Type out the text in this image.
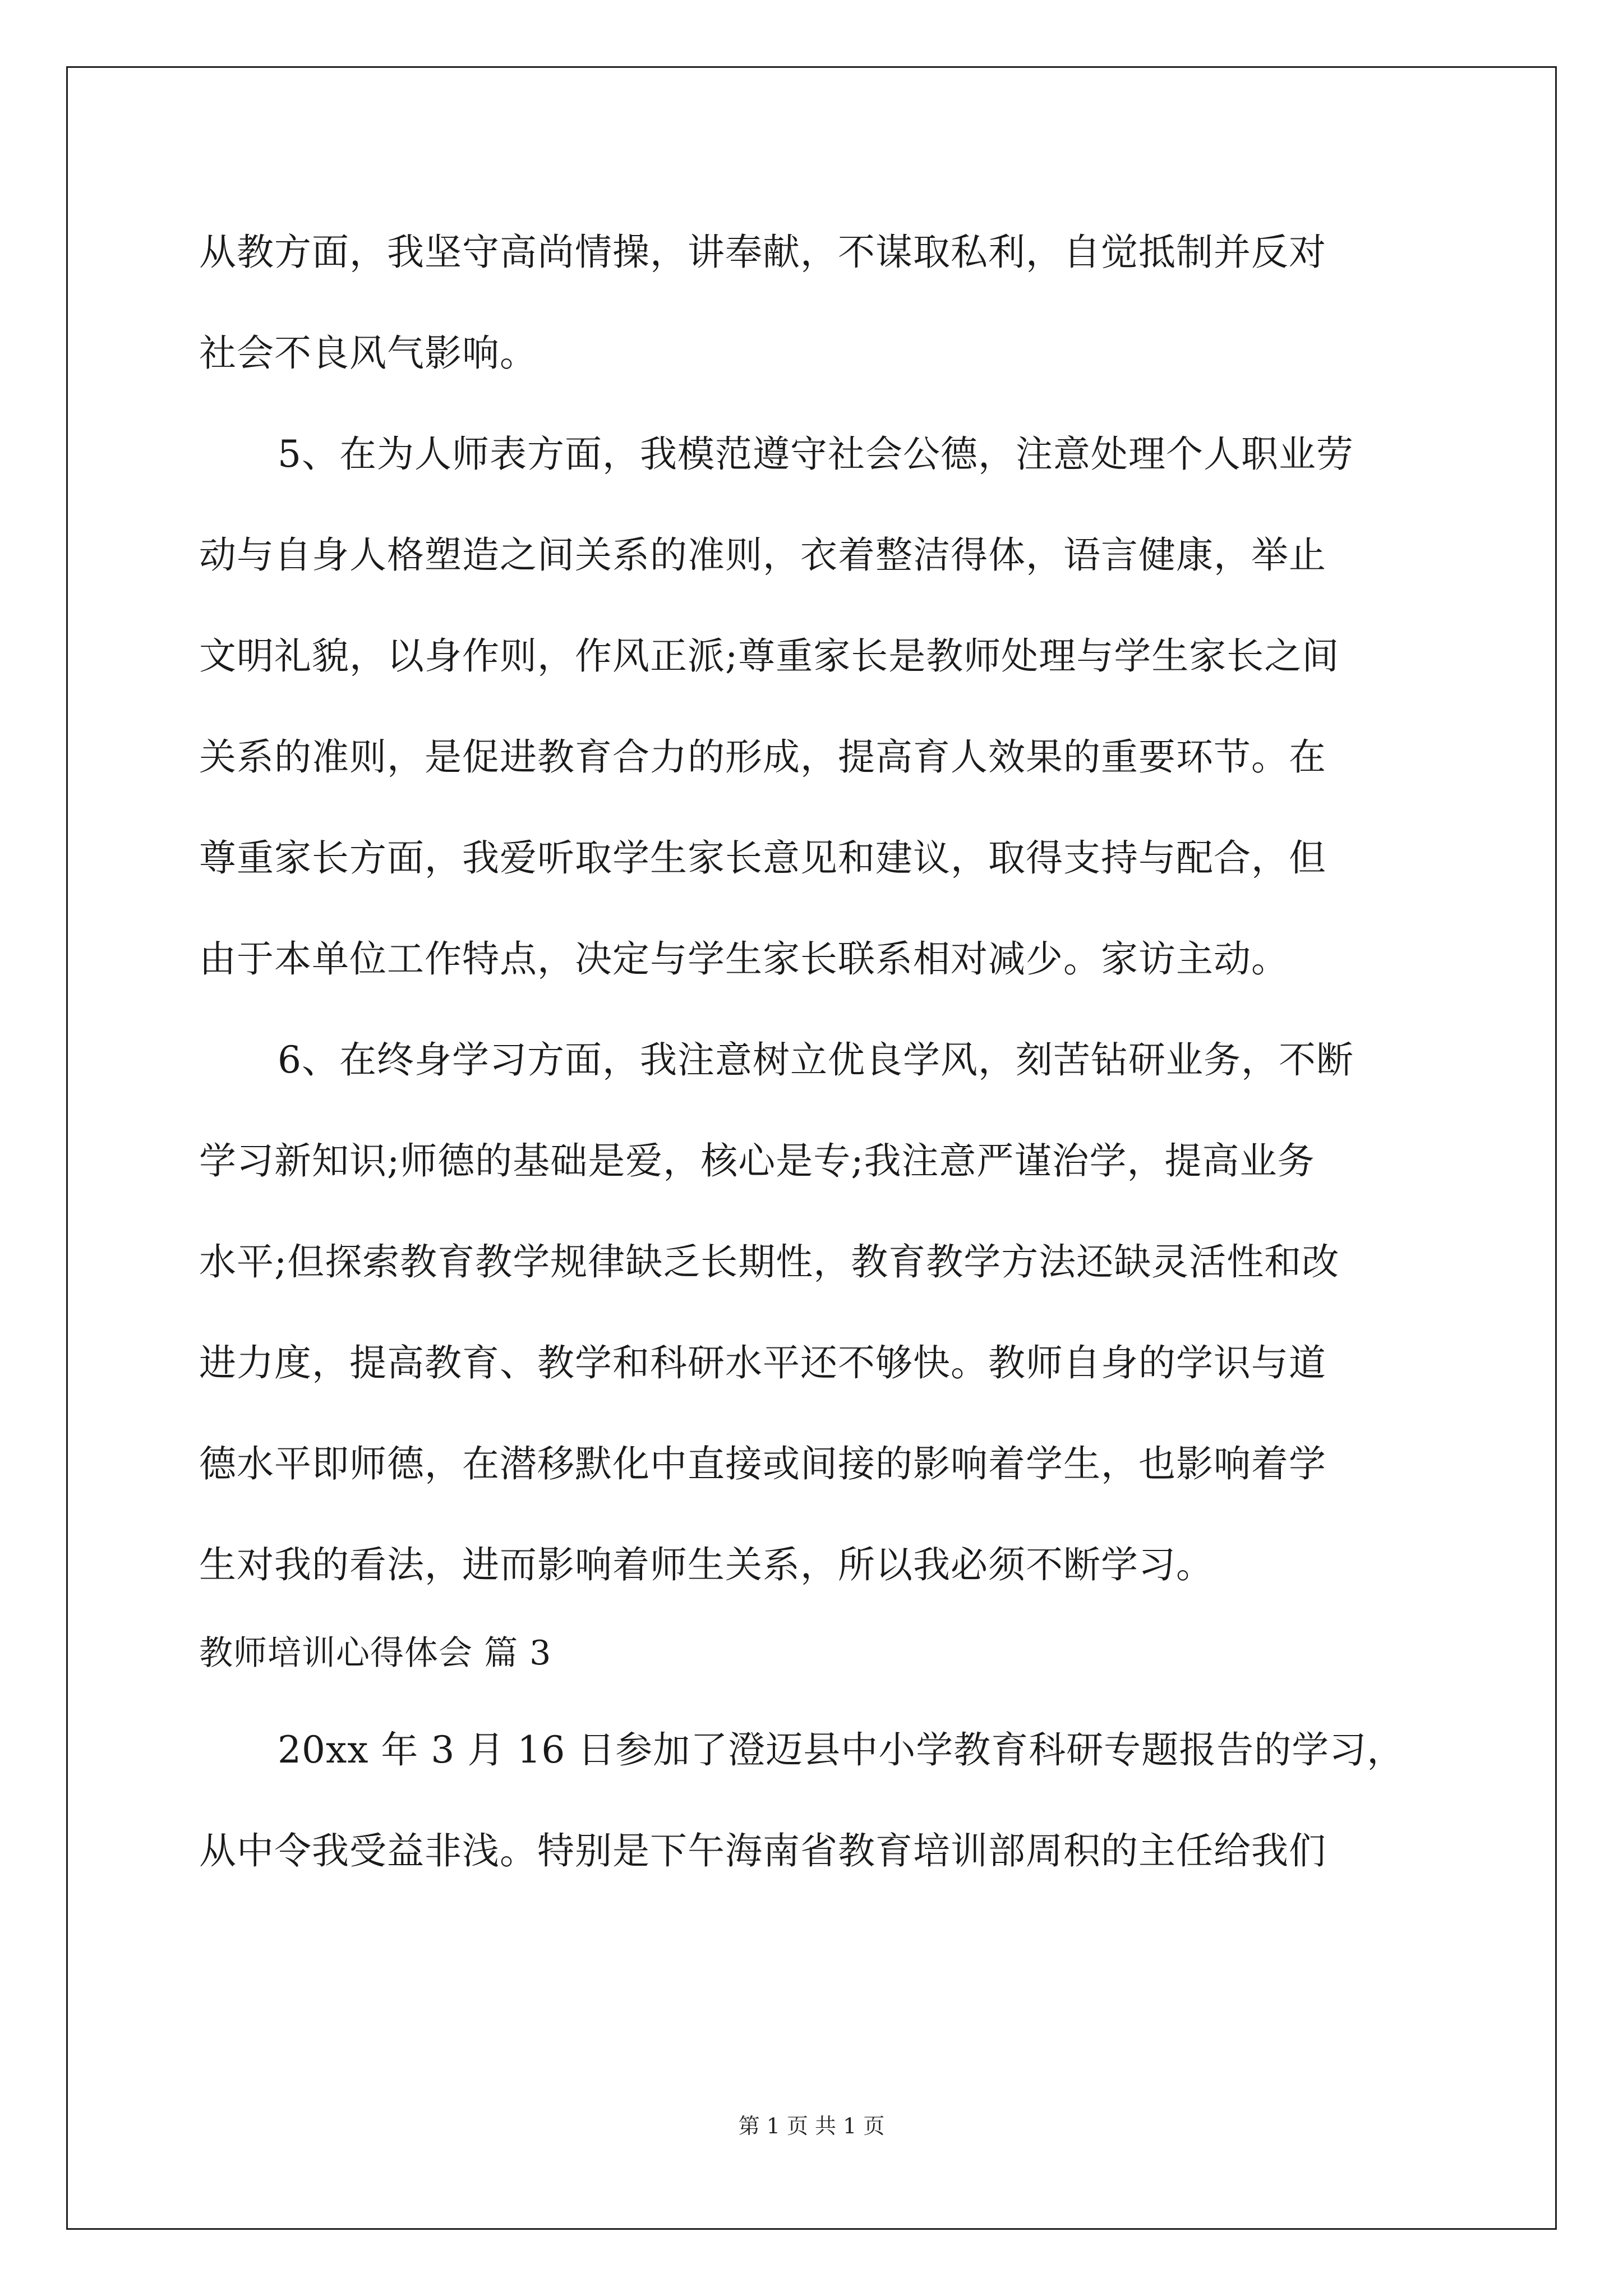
从教方面，我坚守高尚情操，讲奉献，不谋取私利，自觉抵制并反对
社会不良风气影响。
5、在为人师表方面，我模范遵守社会公德，注意处理个人职业劳
动与自身人格塑造之间关系的准则，衣着整洁得体，语言健康，举止
文明礼貌，以身作则，作风正派;尊重家长是教师处理与学生家长之间
关系的准则，是促进教育合力的形成，提高育人效果的重要环节。在
尊重家长方面，我爱听取学生家长意见和建议，取得支持与配合，但
由于本单位工作特点，决定与学生家长联系相对减少。家访主动。
6、在终身学习方面，我注意树立优良学风，刻苦钻研业务，不断
学习新知识;师德的基础是爱，核心是专;我注意严谨治学，提高业务
水平;但探索教育教学规律缺乏长期性，教育教学方法还缺灵活性和改
进力度，提高教育、教学和科研水平还不够快。教师自身的学识与道
德水平即师德，在潜移默化中直接或间接的影响着学生，也影响着学
生对我的看法，进而影响着师生关系，所以我必须不断学习。
教师培训心得体会 篇 3
20xx 年 3 月 16 日参加了澄迈县中小学教育科研专题报告的学习，
从中令我受益非浅。特别是下午海南省教育培训部周积的主任给我们
第 1 页 共 1 页
